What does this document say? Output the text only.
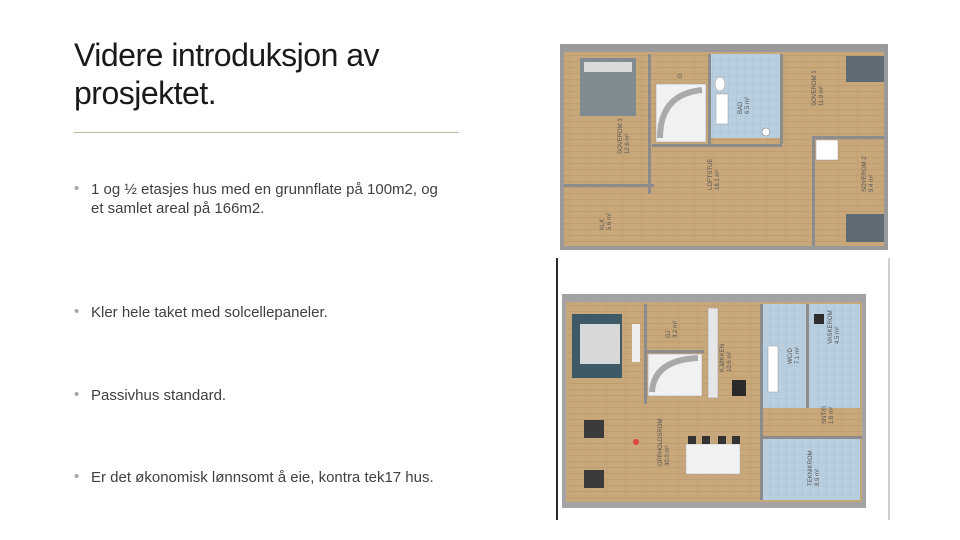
Videre introduksjon av prosjektet.
• 1 og ½ etasjes hus med en grunnflate på 100m2, og et samlet areal på 166m2.
• Kler hele taket med solcellepaneler.
• Passivhus standard.
• Er det økonomisk lønnsomt å eie, kontra tek17 hus.
SOVEROM 3 12.6 m²
BAD 6.5 m²	SOVEROM 1 11.9 m²
LOFTSTUE 18.1 m²
KLK 5.6 m²
SOVEROM 2 9.4 m²
G
GJ 3.2 m²
KJØKKEN 10.6 m²	WC/D 7.1 m²
VASKEROM 4.5 m²
SNT/G 1.6 m²
OPPHOLDSROM 30.0 m²	TEKNIKROM 8.9 m²
